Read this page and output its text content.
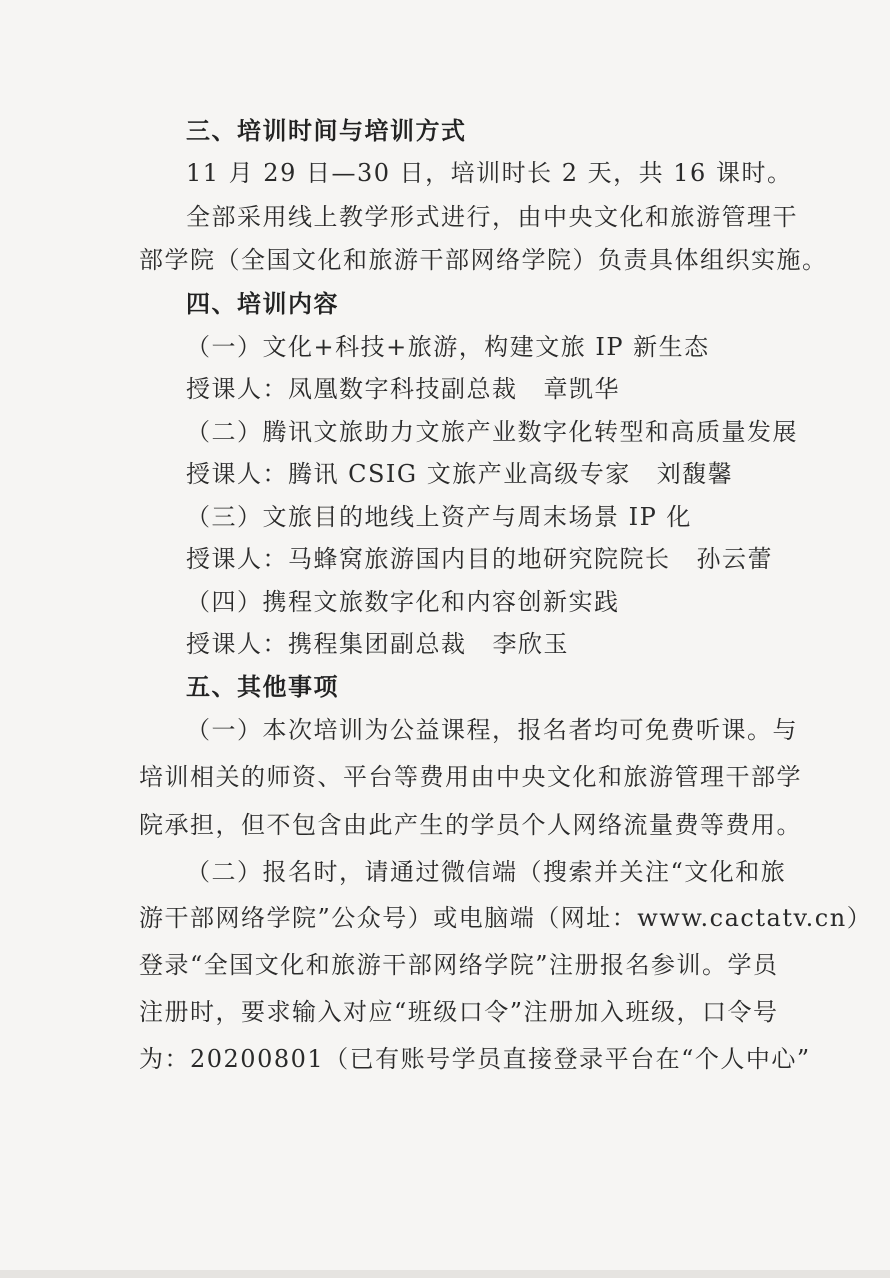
三、培训时间与培训方式
11 月 29 日—30 日，培训时长 2 天，共 16 课时。
全部采用线上教学形式进行，由中央文化和旅游管理干
部学院（全国文化和旅游干部网络学院）负责具体组织实施。
四、培训内容
（一）文化+科技+旅游，构建文旅 IP 新生态
授课人：凤凰数字科技副总裁 章凯华
（二）腾讯文旅助力文旅产业数字化转型和高质量发展
授课人：腾讯 CSIG 文旅产业高级专家 刘馥馨
（三）文旅目的地线上资产与周末场景 IP 化
授课人：马蜂窝旅游国内目的地研究院院长 孙云蕾
（四）携程文旅数字化和内容创新实践
授课人：携程集团副总裁 李欣玉
五、其他事项
（一）本次培训为公益课程，报名者均可免费听课。与
培训相关的师资、平台等费用由中央文化和旅游管理干部学
院承担，但不包含由此产生的学员个人网络流量费等费用。
（二）报名时，请通过微信端（搜索并关注“文化和旅
游干部网络学院”公众号）或电脑端（网址：www.cactatv.cn）
登录“全国文化和旅游干部网络学院”注册报名参训。学员
注册时，要求输入对应“班级口令”注册加入班级，口令号
为：20200801（已有账号学员直接登录平台在“个人中心”
